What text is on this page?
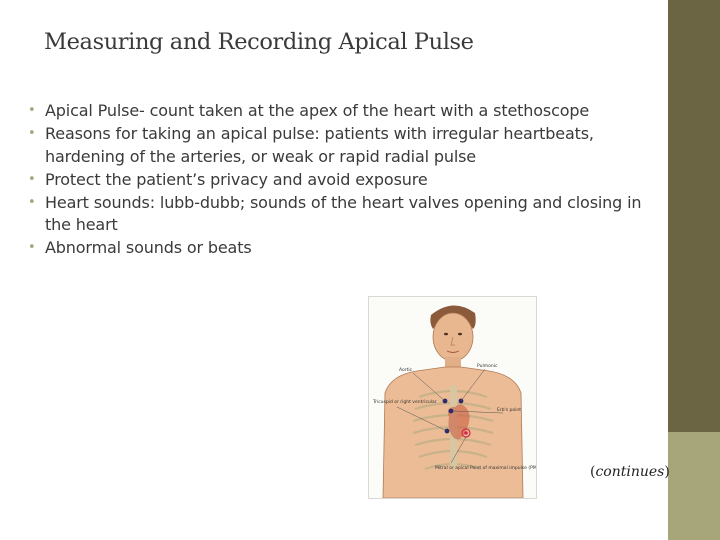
Measuring and Recording Apical Pulse
• Apical Pulse- count taken at the apex of the heart with a stethoscope
• Reasons for taking an apical pulse: patients with irregular heartbeats, hardening of the arteries, or weak or rapid radial pulse
• Protect the patient’s privacy and avoid exposure
• Heart sounds: lubb-dubb; sounds of the heart valves opening and closing in the heart
• Abnormal sounds or beats
Aortic
Pulmonic
Tricuspid or right ventricular
Erb's point
Mitral or apical Point of maximal impulse (PMI)	(continues)
